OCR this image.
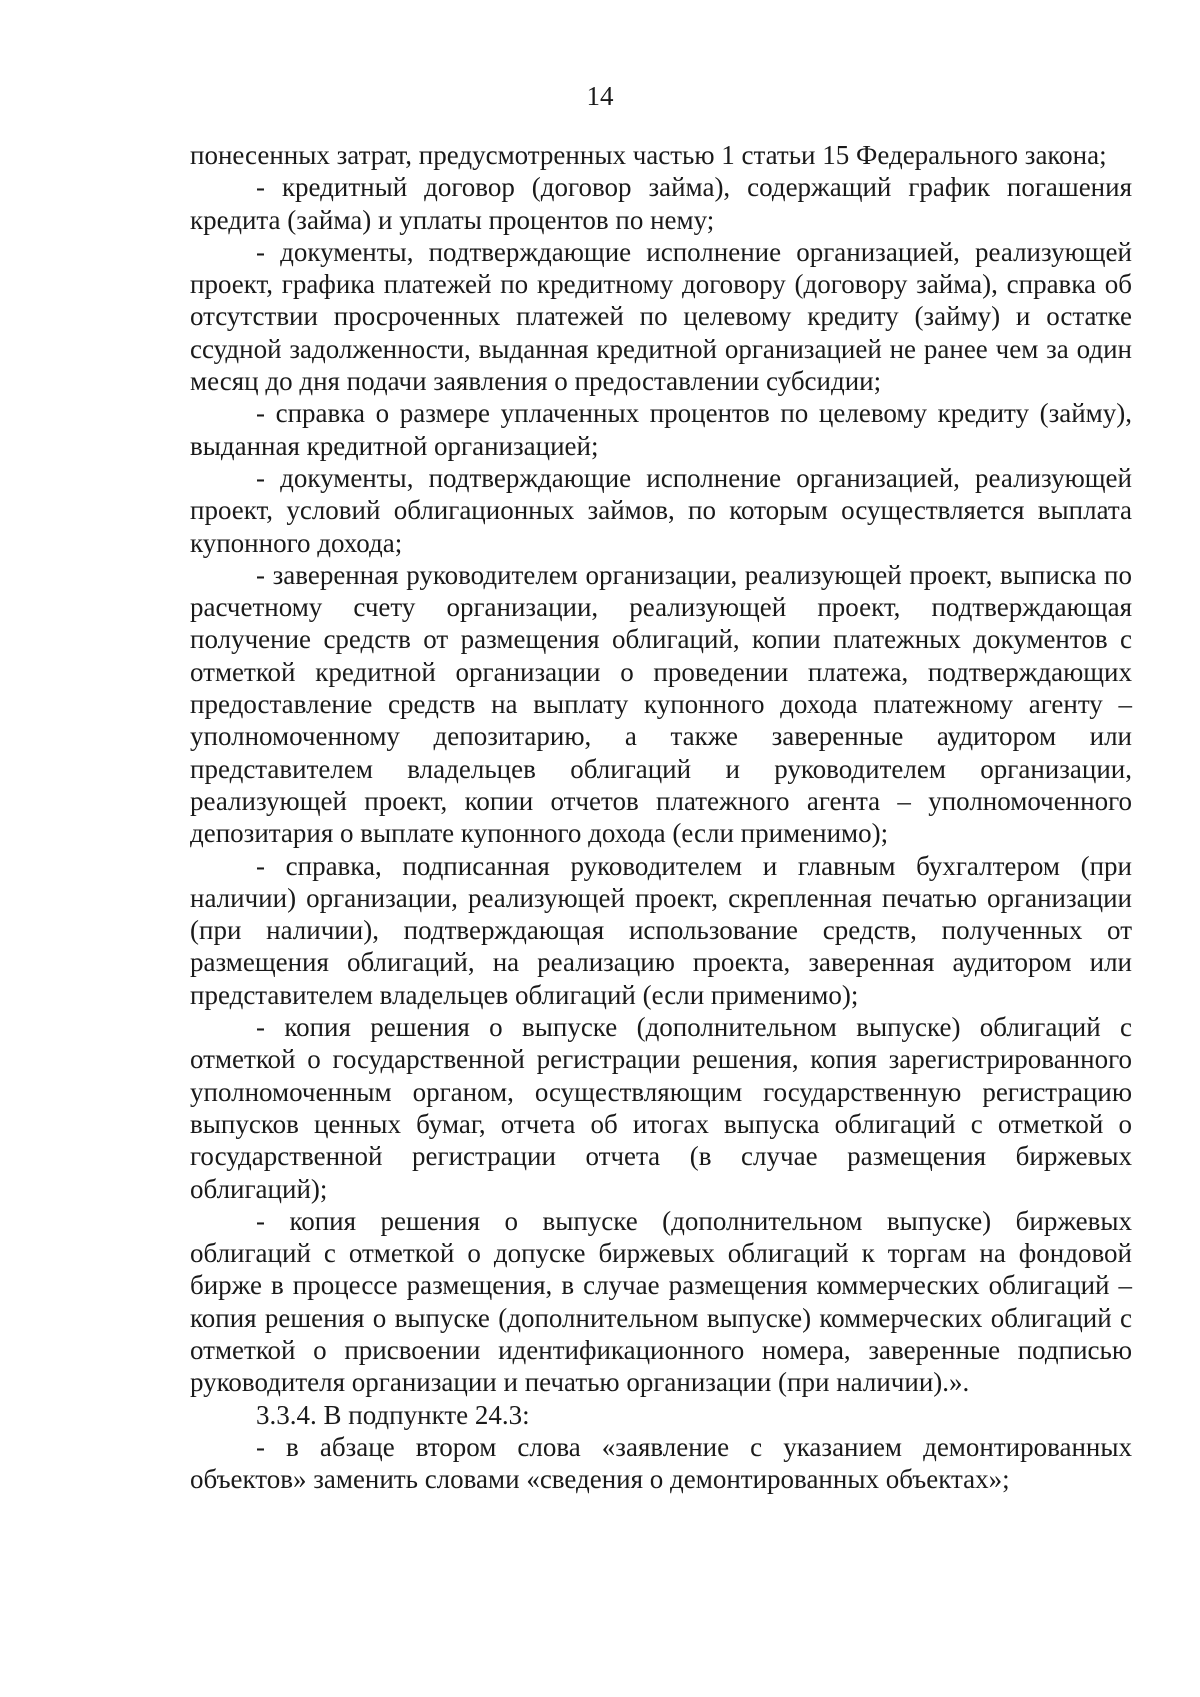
14

понесенных затрат, предусмотренных частью 1 статьи 15 Федерального закона;

- кредитный договор (договор займа), содержащий график погашения кредита (займа) и уплаты процентов по нему;

- документы, подтверждающие исполнение организацией, реализующей проект, графика платежей по кредитному договору (договору займа), справка об отсутствии просроченных платежей по целевому кредиту (займу) и остатке ссудной задолженности, выданная кредитной организацией не ранее чем за один месяц до дня подачи заявления о предоставлении субсидии;

- справка о размере уплаченных процентов по целевому кредиту (займу), выданная кредитной организацией;

- документы, подтверждающие исполнение организацией, реализующей проект, условий облигационных займов, по которым осуществляется выплата купонного дохода;

- заверенная руководителем организации, реализующей проект, выписка по расчетному счету организации, реализующей проект, подтверждающая получение средств от размещения облигаций, копии платежных документов с отметкой кредитной организации о проведении платежа, подтверждающих предоставление средств на выплату купонного дохода платежному агенту – уполномоченному депозитарию, а также заверенные аудитором или представителем владельцев облигаций и руководителем организации, реализующей проект, копии отчетов платежного агента – уполномоченного депозитария о выплате купонного дохода (если применимо);

- справка, подписанная руководителем и главным бухгалтером (при наличии) организации, реализующей проект, скрепленная печатью организации (при наличии), подтверждающая использование средств, полученных от размещения облигаций, на реализацию проекта, заверенная аудитором или представителем владельцев облигаций (если применимо);

- копия решения о выпуске (дополнительном выпуске) облигаций с отметкой о государственной регистрации решения, копия зарегистрированного уполномоченным органом, осуществляющим государственную регистрацию выпусков ценных бумаг, отчета об итогах выпуска облигаций с отметкой о государственной регистрации отчета (в случае размещения биржевых облигаций);

- копия решения о выпуске (дополнительном выпуске) биржевых облигаций с отметкой о допуске биржевых облигаций к торгам на фондовой бирже в процессе размещения, в случае размещения коммерческих облигаций – копия решения о выпуске (дополнительном выпуске) коммерческих облигаций с отметкой о присвоении идентификационного номера, заверенные подписью руководителя организации и печатью организации (при наличии).».

3.3.4. В подпункте 24.3:

- в абзаце втором слова «заявление с указанием демонтированных объектов» заменить словами «сведения о демонтированных объектах»;
